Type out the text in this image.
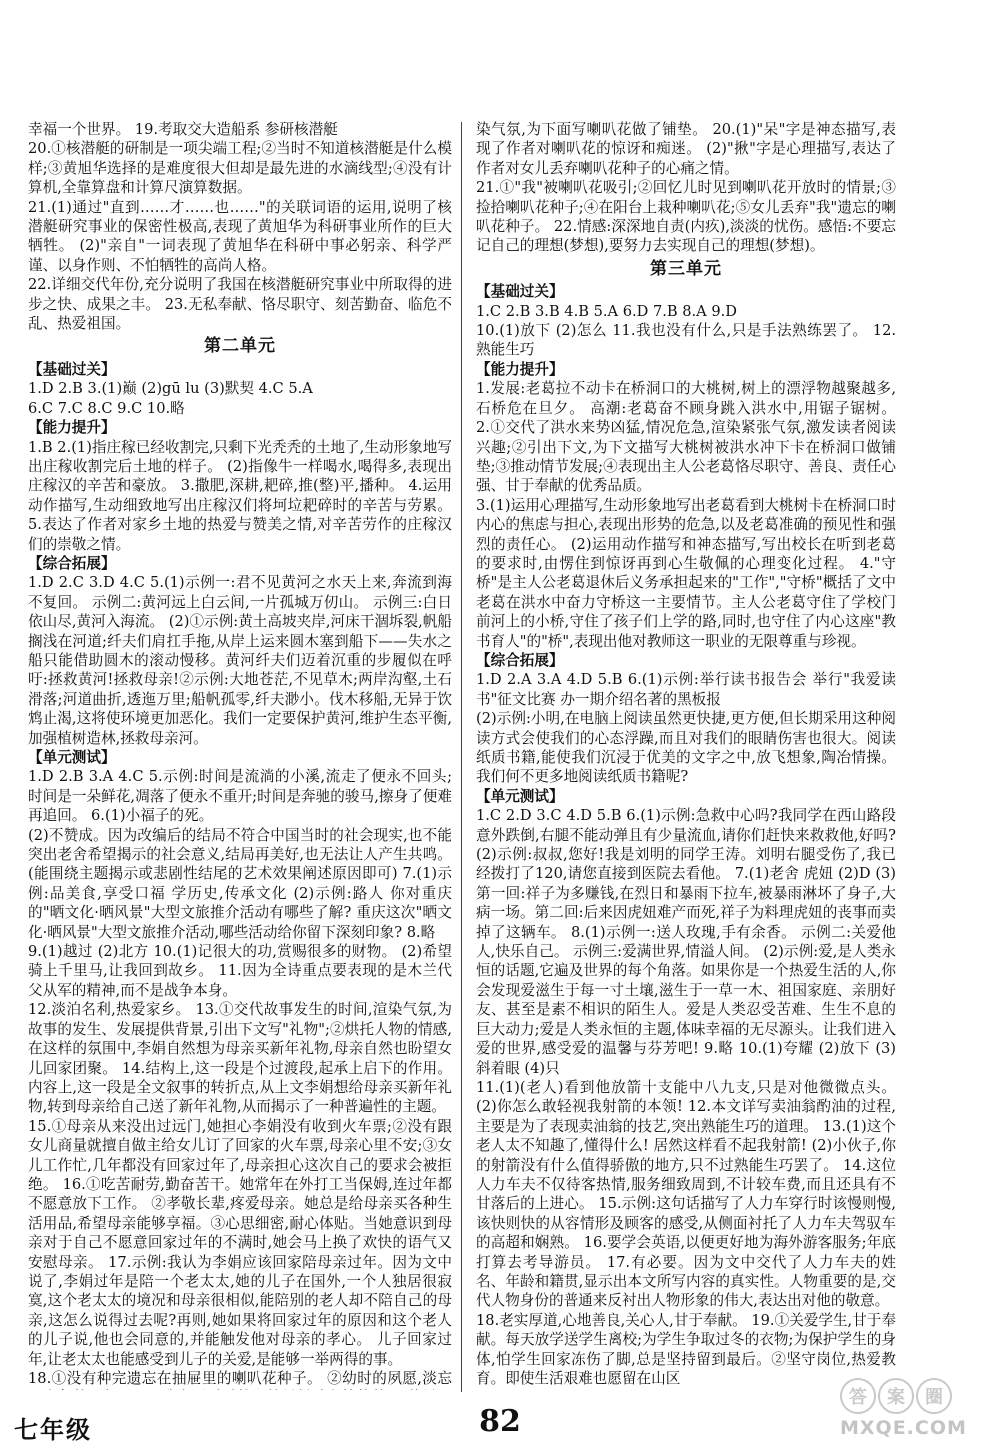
幸福一个世界。 19.考取交大造船系 参研核潜艇

20.①核潜艇的研制是一项尖端工程;②当时不知道核潜艇是什么模样;③黄旭华选择的是难度很大但却是最先进的水滴线型;④没有计算机,全靠算盘和计算尺演算数据。

21.(1)通过"直到……才……也……"的关联词语的运用,说明了核潜艇研究事业的保密性极高,表现了黄旭华为科研事业所作的巨大牺牲。 (2)"亲自"一词表现了黄旭华在科研中事必躬亲、科学严谨、以身作则、不怕牺牲的高尚人格。

22.详细交代年份,充分说明了我国在核潜艇研究事业中所取得的进步之快、成果之丰。 23.无私奉献、恪尽职守、刻苦勤奋、临危不乱、热爱祖国。

第二单元
【基础过关】

1.D 2.B 3.(1)巅 (2)gū lu (3)默契 4.C 5.A

6.C 7.C 8.C 9.C 10.略

【能力提升】

1.B 2.(1)指庄稼已经收割完,只剩下光秃秃的土地了,生动形象地写出庄稼收割完后土地的样子。 (2)指像牛一样喝水,喝得多,表现出庄稼汉的辛苦和豪放。 3.撒肥,深耕,耙碎,推(整)平,播种。 4.运用动作描写,生动细致地写出庄稼汉们将坷垃耙碎时的辛苦与劳累。 5.表达了作者对家乡土地的热爱与赞美之情,对辛苦劳作的庄稼汉们的崇敬之情。

【综合拓展】

1.D 2.C 3.D 4.C 5.(1)示例一:君不见黄河之水天上来,奔流到海不复回。 示例二:黄河远上白云间,一片孤城万仞山。 示例三:白日依山尽,黄河入海流。 (2)①示例:黄土高坡夹岸,河床干涸坼裂,帆船搁浅在河道;纤夫们肩扛手拖,从岸上运来圆木塞到船下——失水之船只能借助圆木的滚动慢移。黄河纤夫们迈着沉重的步履似在呼吁:拯救黄河!拯救母亲!②示例:大地苍茫,不见草木;两岸沟壑,土石滑落;河道曲折,透迤万里;船帆孤零,纤夫渺小。伐木移船,无异于饮鸩止渴,这将使环境更加恶化。我们一定要保护黄河,维护生态平衡,加强植树造林,拯救母亲河。

【单元测试】

1.D 2.B 3.A 4.C 5.示例:时间是流淌的小溪,流走了便永不回头;时间是一朵鲜花,凋落了便永不重开;时间是奔驰的骏马,擦身了便难再追回。 6.(1)小福子的死。

(2)不赞成。因为改编后的结局不符合中国当时的社会现实,也不能突出老舍希望揭示的社会意义,结局再美好,也无法让人产生共鸣。(能围绕主题揭示或悲剧性结尾的艺术效果阐述原因即可) 7.(1)示例:品美食,享受口福 学历史,传承文化 (2)示例:路人 你对重庆的"晒文化·晒风景"大型文旅推介活动有哪些了解? 重庆这次"晒文化·晒风景"大型文旅推介活动,哪些活动给你留下深刻印象? 8.略

9.(1)越过 (2)北方 10.(1)记很大的功,赏赐很多的财物。 (2)希望骑上千里马,让我回到故乡。 11.因为全诗重点要表现的是木兰代父从军的精神,而不是战争本身。

12.淡泊名利,热爱家乡。 13.①交代故事发生的时间,渲染气氛,为故事的发生、发展提供背景,引出下文写"礼物";②烘托人物的情感,在这样的氛围中,李娟自然想为母亲买新年礼物,母亲自然也盼望女儿回家团聚。 14.结构上,这一段是个过渡段,起承上启下的作用。内容上,这一段是全文叙事的转折点,从上文李娟想给母亲买新年礼物,转到母亲给自己送了新年礼物,从而揭示了一种普遍性的主题。

15.①母亲从来没出过远门,她担心李娟没有收到火车票;②没有跟女儿商量就擅自做主给女儿订了回家的火车票,母亲心里不安;③女儿工作忙,几年都没有回家过年了,母亲担心这次自己的要求会被拒绝。 16.①吃苦耐劳,勤奋苦干。她常年在外打工当保姆,连过年都不愿意放下工作。 ②孝敬长辈,疼爱母亲。她总是给母亲买各种生活用品,希望母亲能够享福。③心思细密,耐心体贴。当她意识到母亲对于自己不愿意回家过年的不满时,她会马上换了欢快的语气又安慰母亲。 17.示例:我认为李娟应该回家陪母亲过年。因为文中说了,李娟过年是陪一个老太太,她的儿子在国外,一个人独居很寂寞,这个老太太的境况和母亲很相似,能陪别的老人却不陪自己的母亲,这怎么说得过去呢?再则,她如果将回家过年的原因和这个老人的儿子说,他也会同意的,并能触发他对母亲的孝心。 儿子回家过年,让老太太也能感受到儿子的关爱,是能够一举两得的事。

18.①没有种完遗忘在抽屉里的喇叭花种子。 ②幼时的夙愿,淡忘

染气氛,为下面写喇叭花做了铺垫。 20.(1)"呆"字是神态描写,表现了作者对喇叭花的惊讶和痴迷。 (2)"揪"字是心理描写,表达了作者对女儿丢弃喇叭花种子的心痛之情。

21.①"我"被喇叭花吸引;②回忆儿时见到喇叭花开放时的情景;③捡拾喇叭花种子;④在阳台上栽种喇叭花;⑤女儿丢弃"我"遗忘的喇叭花种子。 22.情感:深深地自责(内疚),淡淡的忧伤。感悟:不要忘记自己的理想(梦想),要努力去实现自己的理想(梦想)。

第三单元
【基础过关】

1.C 2.B 3.B 4.B 5.A 6.D 7.B 8.A 9.D

10.(1)放下 (2)怎么 11.我也没有什么,只是手法熟练罢了。 12.熟能生巧

【能力提升】

1.发展:老葛拉不动卡在桥洞口的大桃树,树上的漂浮物越聚越多,石桥危在旦夕。 高潮:老葛奋不顾身跳入洪水中,用锯子锯树。 2.①交代了洪水来势凶猛,情况危急,渲染紧张气氛,激发读者阅读兴趣;②引出下文,为下文描写大桃树被洪水冲下卡在桥洞口做铺垫;③推动情节发展;④表现出主人公老葛恪尽职守、善良、责任心强、甘于奉献的优秀品质。

3.(1)运用心理描写,生动形象地写出老葛看到大桃树卡在桥洞口时内心的焦虑与担心,表现出形势的危急,以及老葛准确的预见性和强烈的责任心。 (2)运用动作描写和神态描写,写出校长在听到老葛的要求时,由愣住到惊讶再到心生敬佩的心理变化过程。 4."守桥"是主人公老葛退休后义务承担起来的"工作","守桥"概括了文中老葛在洪水中奋力守桥这一主要情节。主人公老葛守住了学校门前河上的小桥,守住了孩子们上学的路,同时,也守住了内心这座"教书育人"的"桥",表现出他对教师这一职业的无限尊重与珍视。

【综合拓展】

1.D 2.A 3.A 4.D 5.B 6.(1)示例:举行读书报告会 举行"我爱读书"征文比赛 办一期介绍名著的黑板报

(2)示例:小明,在电脑上阅读虽然更快捷,更方便,但长期采用这种阅读方式会使我们的心态浮躁,而且对我们的眼睛伤害也很大。阅读纸质书籍,能使我们沉浸于优美的文字之中,放飞想象,陶冶情操。我们何不更多地阅读纸质书籍呢?

【单元测试】

1.C 2.D 3.C 4.D 5.B 6.(1)示例:急救中心吗?我同学在西山路段意外跌倒,右腿不能动弹且有少量流血,请你们赶快来救救他,好吗? (2)示例:叔叔,您好!我是刘明的同学王涛。刘明右腿受伤了,我已经拨打了120,请您直接到医院去看他。 7.(1)老舍 虎妞 (2)D (3)第一回:祥子为多赚钱,在烈日和暴雨下拉车,被暴雨淋坏了身子,大病一场。第二回:后来因虎妞难产而死,祥子为料理虎妞的丧事而卖掉了这辆车。 8.(1)示例一:送人玫瑰,手有余香。 示例二:关爱他人,快乐自己。 示例三:爱满世界,情溢人间。 (2)示例:爱,是人类永恒的话题,它遍及世界的每个角落。如果你是一个热爱生活的人,你会发现爱滋生于每一寸土壤,滋生于一草一木、祖国家庭、亲朋好友、甚至是素不相识的陌生人。爱是人类忍受苦难、生生不息的巨大动力;爱是人类永恒的主题,体味幸福的无尽源头。让我们进入爱的世界,感受爱的温馨与芬芳吧! 9.略 10.(1)夸耀 (2)放下 (3)斜着眼 (4)只

11.(1)(老人)看到他放箭十支能中八九支,只是对他微微点头。 (2)你怎么敢轻视我射箭的本领! 12.本文详写卖油翁酌油的过程,主要是为了表现卖油翁的技艺,突出熟能生巧的道理。 13.(1)这个老人太不知趣了,懂得什么! 居然这样看不起我射箭! (2)小伙子,你的射箭没有什么值得骄傲的地方,只不过熟能生巧罢了。 14.这位人力车夫不仅待客热情,服务细致周到,不计较车费,而且还具有不甘落后的上进心。 15.示例:这句话描写了人力车穿行时该慢则慢,该快则快的从容情形及顾客的感受,从侧面衬托了人力车夫驾驭车的高超和娴熟。 16.要学会英语,以便更好地为海外游客服务;年底打算去考导游员。 17.有必要。因为文中交代了人力车夫的姓名、年龄和籍贯,显示出本文所写内容的真实性。人物重要的是,交代人物身份的普通来反衬出人物形象的伟大,表达出对他的敬意。

18.老实厚道,心地善良,关心人,甘于奉献。 19.①关爱学生,甘于奉献。每天放学送学生离校;为学生争取过冬的衣物;为保护学生的身体,怕学生回家冻伤了脚,总是坚持留到最后。②坚守岗位,热爱教育。即使生活艰难也愿留在山区

七年级	82
答	案	圈
MXQE.COM
